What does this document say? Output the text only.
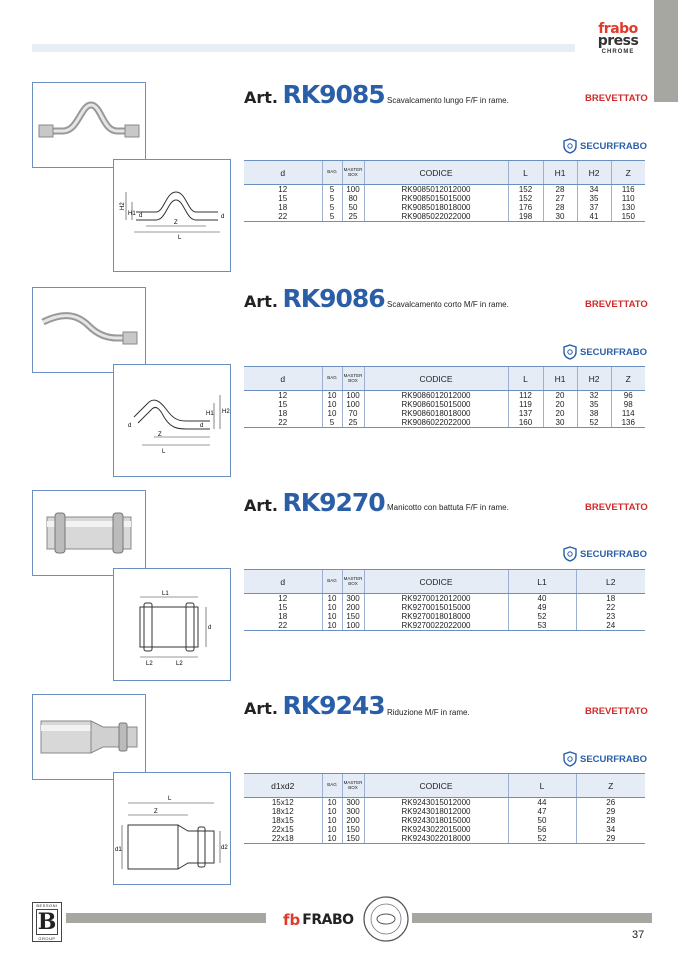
frabo
press
CHROME
H2
H1 d
Z
L
d
Art. RK9085 Scavalcamento lungo F/F in rame.	BREVETTATO
SECURFRABO
d	BAG	MASTER BOX	CODICE	L	H1	H2	Z
12	5	100	RK9085012012000	152	28	34	116
15	5	80	RK9085015015000	152	27	35	110
18	5	50	RK9085018018000	176	28	37	130
22	5	25	RK9085022022000	198	30	41	150
d
Z
L
d
H1 H2
Art. RK9086 Scavalcamento corto M/F in rame.	BREVETTATO
SECURFRABO
d	BAG	MASTER BOX	CODICE	L	H1	H2	Z
12	10	100	RK9086012012000	112	20	32	96
15	10	100	RK9086015015000	119	20	35	98
18	10	70	RK9086018018000	137	20	38	114
22	5	25	RK9086022022000	160	30	52	136
L1
d
L2	L2
Art. RK9270 Manicotto con battuta F/F in rame.	BREVETTATO
SECURFRABO
d	BAG	MASTER BOX	CODICE	L1	L2
12	10	300	RK9270012012000	40	18
15	10	200	RK9270015015000	49	22
18	10	150	RK9270018018000	52	23
22	10	100	RK9270022022000	53	24
L
Z
d1	d2
Art. RK9243 Riduzione M/F in rame.	BREVETTATO
SECURFRABO
d1xd2	BAG	MASTER BOX	CODICE	L	Z
15x12	10	300	RK9243015012000	44	26
18x12	10	300	RK9243018012000	47	29
18x15	10	200	RK9243018015000	50	28
22x15	10	150	RK9243022015000	56	34
22x18	10	150	RK9243022018000	52	29
BESSONI
B
GROUP
fb FRABO
37
